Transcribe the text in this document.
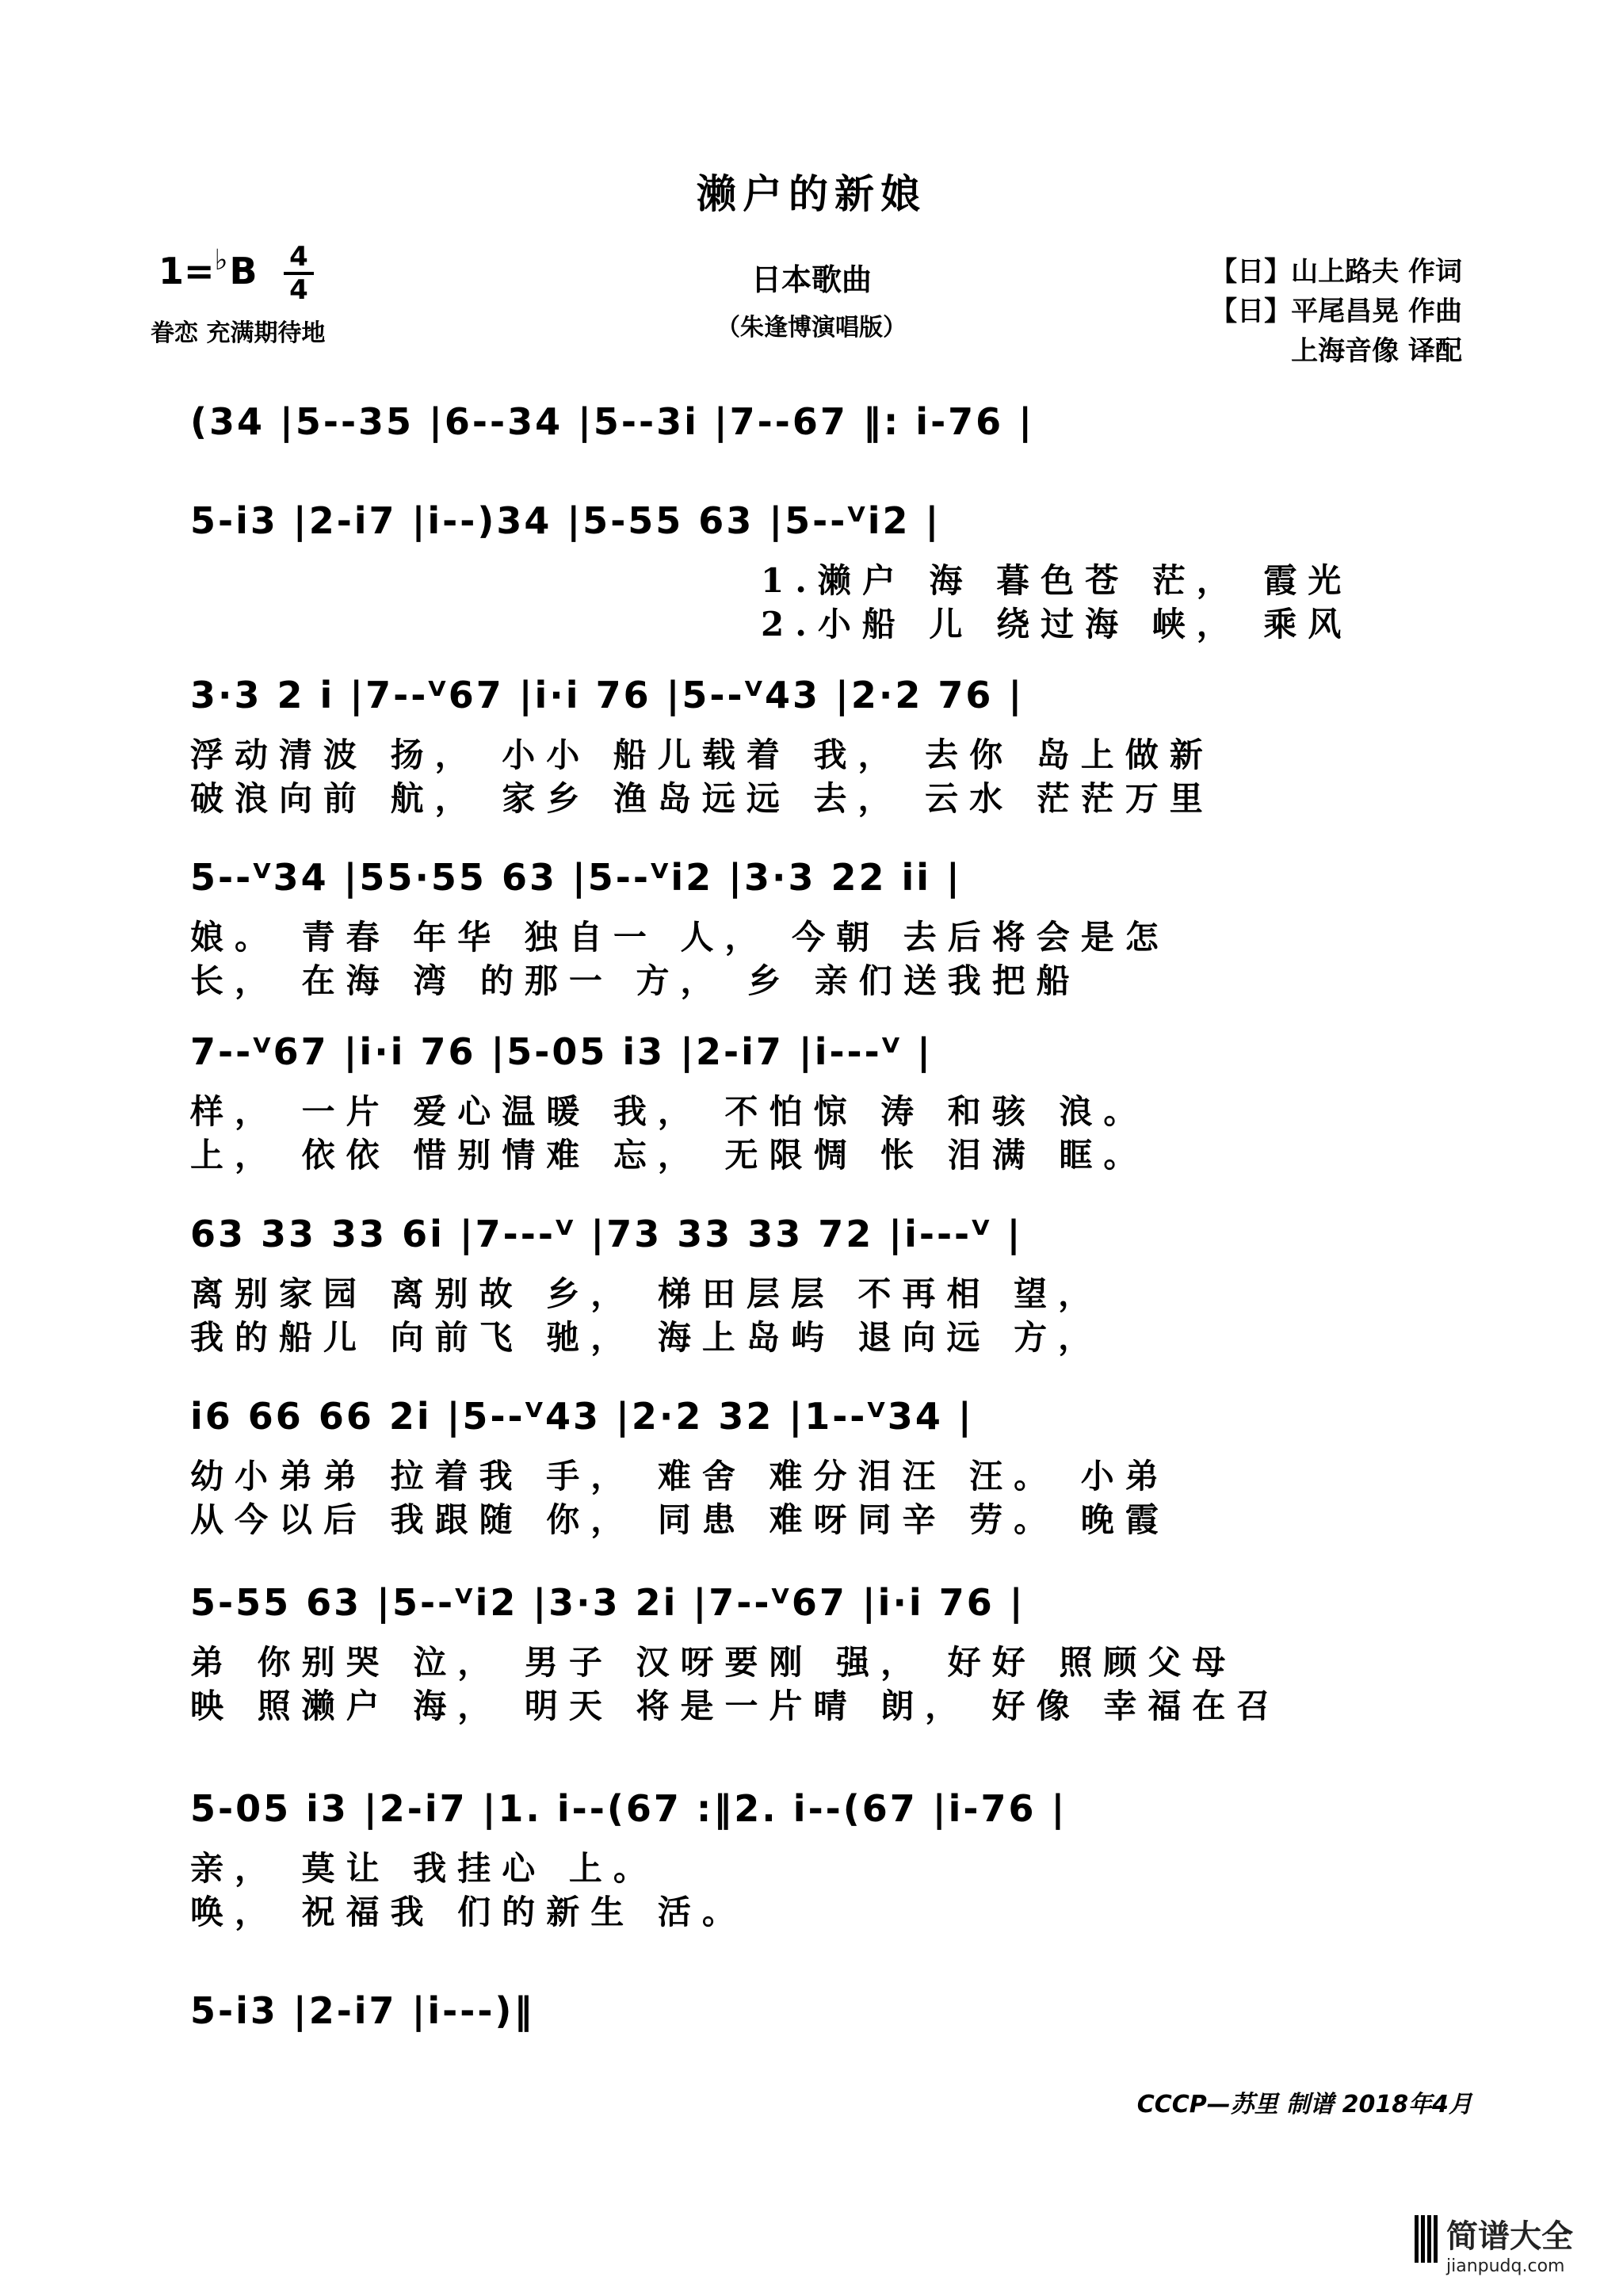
濑户的新娘
1=♭B 4
4
眷恋 充满期待地
日本歌曲
（朱逢博演唱版）
【日】山上路夫 作词
【日】平尾昌晃 作曲
上海音像 译配
(34 |5--35 |6--34 |5--3i |7--67 ‖: i-76 |
5-i3 |2-i7 |i--)34 |5-55 63 |5--ⱽi2 |
1.濑户 海 暮色苍 茫， 霞光
2.小船 儿 绕过海 峡， 乘风
3·3 2 i |7--ⱽ67 |i·i 76 |5--ⱽ43 |2·2 76 |
浮动清波 扬， 小小 船儿载着 我， 去你 岛上做新
破浪向前 航， 家乡 渔岛远远 去， 云水 茫茫万里
5--ⱽ34 |55·55 63 |5--ⱽi2 |3·3 22 ii |
娘。 青春 年华 独自一 人， 今朝 去后将会是怎
长， 在海 湾 的那一 方， 乡 亲们送我把船
7--ⱽ67 |i·i 76 |5-05 i3 |2-i7 |i---ⱽ |
样， 一片 爱心温暖 我， 不怕惊 涛 和骇 浪。
上， 依依 惜别情难 忘， 无限惆 怅 泪满 眶。
63 33 33 6i |7---ⱽ |73 33 33 72 |i---ⱽ |
离别家园 离别故 乡， 梯田层层 不再相 望，
我的船儿 向前飞 驰， 海上岛屿 退向远 方，
i6 66 66 2i |5--ⱽ43 |2·2 32 |1--ⱽ34 |
幼小弟弟 拉着我 手， 难舍 难分泪汪 汪。 小弟
从今以后 我跟随 你， 同患 难呀同辛 劳。 晚霞
5-55 63 |5--ⱽi2 |3·3 2i |7--ⱽ67 |i·i 76 |
弟 你别哭 泣， 男子 汉呀要刚 强， 好好 照顾父母
映 照濑户 海， 明天 将是一片晴 朗， 好像 幸福在召
5-05 i3 |2-i7 |1. i--(67 :‖2. i--(67 |i-76 |
亲， 莫让 我挂心 上。
唤， 祝福我 们的新生 活。
5-i3 |2-i7 |i---)‖
CCCP—苏里 制谱 2018年4月
简谱大全
jianpudq.com
